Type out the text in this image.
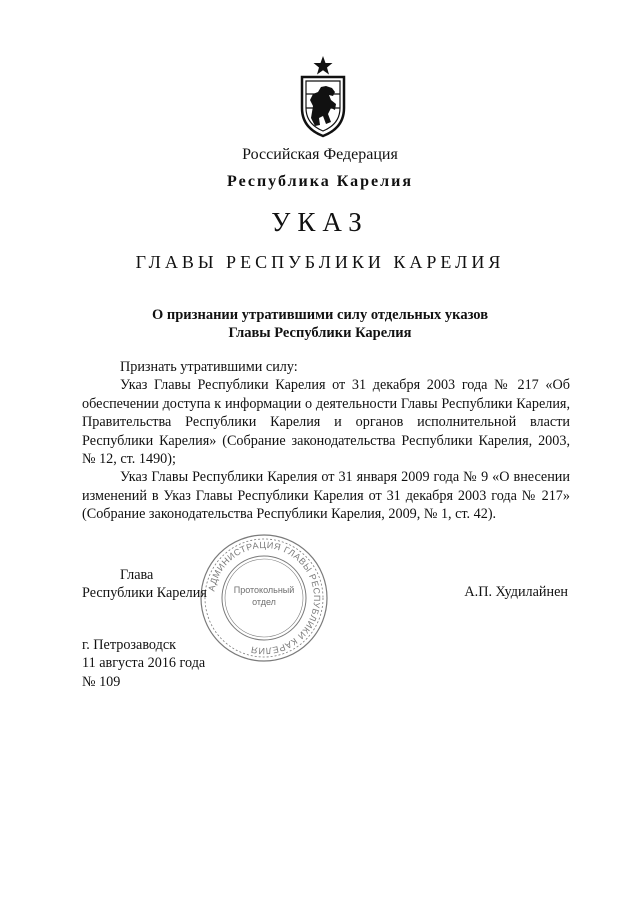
Российская Федерация
Республика Карелия
УКАЗ
ГЛАВЫ РЕСПУБЛИКИ КАРЕЛИЯ
О признании утратившими силу отдельных указов
Главы Республики Карелия

Признать утратившими силу:

Указ Главы Республики Карелия от 31 декабря 2003 года № 217 «Об обеспечении доступа к информации о деятельности Главы Республики Карелия, Правительства Республики Карелия и органов исполнительной власти Республики Карелия» (Собрание законодательства Республики Карелия, 2003, № 12, ст. 1490);

Указ Главы Республики Карелия от 31 января 2009 года № 9 «О внесении изменений в Указ Главы Республики Карелия от 31 декабря 2003 года № 217» (Собрание законодательства Республики Карелия, 2009, № 1, ст. 42).

АДМИНИСТРАЦИЯ ГЛАВЫ РЕСПУБЛИКИ КАРЕЛИЯ
Протокольный
отдел
Глава
Республики Карелия	А.П. Худилайнен
г. Петрозаводск
11 августа 2016 года
№ 109
